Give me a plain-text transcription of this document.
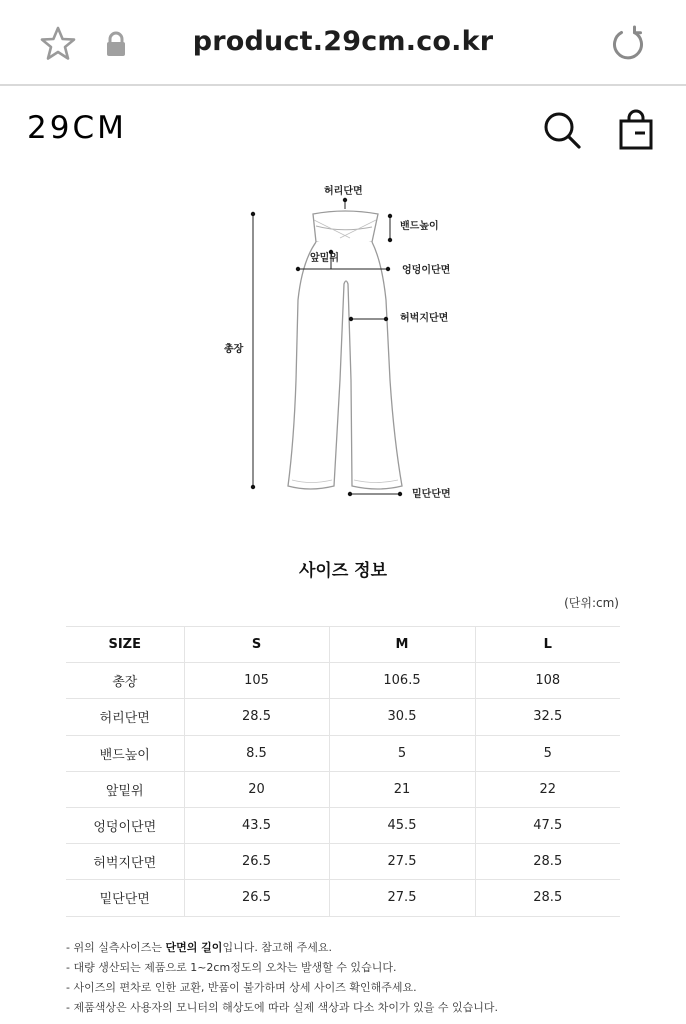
product.29cm.co.kr
29CM
허리단면
밴드높이
앞밑위
엉덩이단면
허벅지단면
총장
밑단단면
사이즈 정보
(단위:cm)
SIZE	S	M	L
총장	105	106.5	108
허리단면	28.5	30.5	32.5
밴드높이	8.5	5	5
앞밑위	20	21	22
엉덩이단면	43.5	45.5	47.5
허벅지단면	26.5	27.5	28.5
밑단단면	26.5	27.5	28.5
- 위의 실측사이즈는 단면의 길이입니다. 참고해 주세요.
- 대량 생산되는 제품으로 1~2cm정도의 오차는 발생할 수 있습니다.
- 사이즈의 편차로 인한 교환, 반품이 불가하며 상세 사이즈 확인해주세요.
- 제품색상은 사용자의 모니터의 해상도에 따라 실제 색상과 다소 차이가 있을 수 있습니다.
